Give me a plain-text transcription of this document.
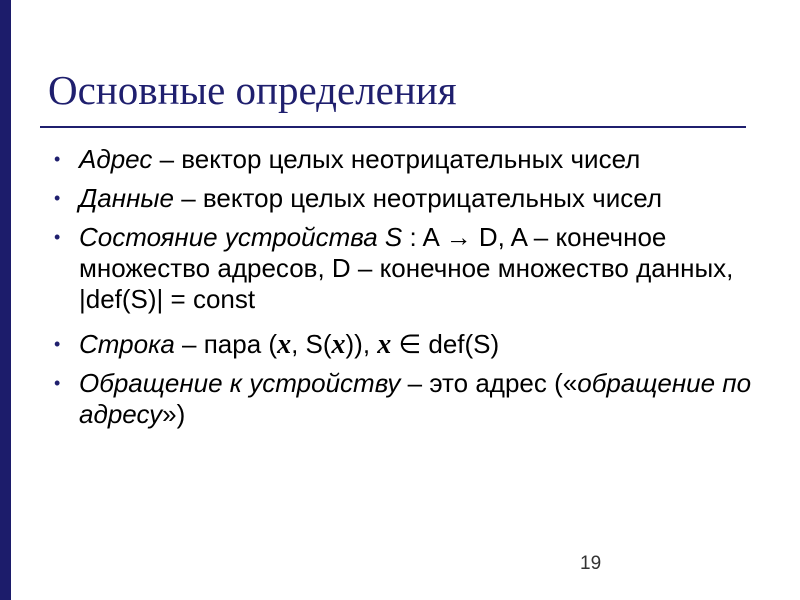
Основные определения
• Адрес – вектор целых неотрицательных чисел
• Данные – вектор целых неотрицательных чисел
• Состояние устройства S : A → D, A – конечное множество адресов, D – конечное множество данных, |def(S)| = const
• Строка – пара (x, S(x)), x ∈ def(S)
• Обращение к устройству – это адрес («обращение по адресу»)
19
